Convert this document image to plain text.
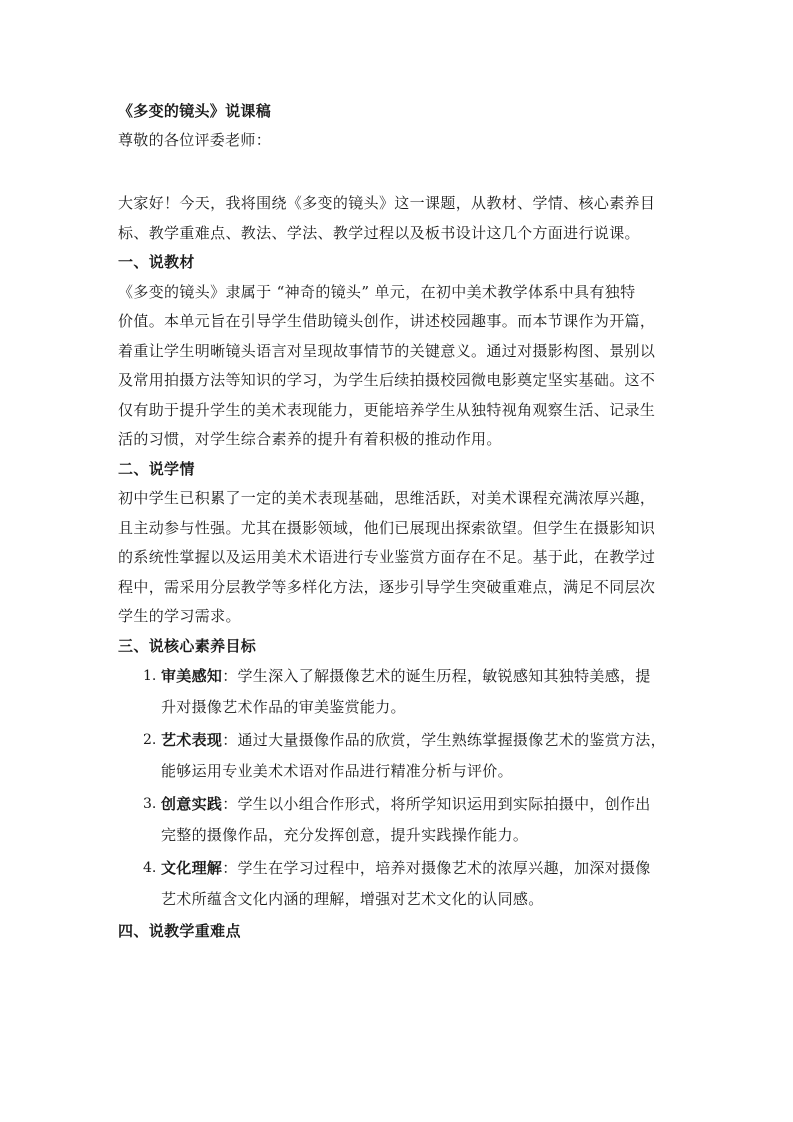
《多变的镜头》说课稿
尊敬的各位评委老师：
大家好！今天，我将围绕《多变的镜头》这一课题，从教材、学情、核心素养目
标、教学重难点、教法、学法、教学过程以及板书设计这几个方面进行说课。
一、说教材
《多变的镜头》隶属于 “神奇的镜头” 单元，在初中美术教学体系中具有独特
价值。本单元旨在引导学生借助镜头创作，讲述校园趣事。而本节课作为开篇，
着重让学生明晰镜头语言对呈现故事情节的关键意义。通过对摄影构图、景别以
及常用拍摄方法等知识的学习，为学生后续拍摄校园微电影奠定坚实基础。这不
仅有助于提升学生的美术表现能力，更能培养学生从独特视角观察生活、记录生
活的习惯，对学生综合素养的提升有着积极的推动作用。
二、说学情
初中学生已积累了一定的美术表现基础，思维活跃，对美术课程充满浓厚兴趣，
且主动参与性强。尤其在摄影领域，他们已展现出探索欲望。但学生在摄影知识
的系统性掌握以及运用美术术语进行专业鉴赏方面存在不足。基于此，在教学过
程中，需采用分层教学等多样化方法，逐步引导学生突破重难点，满足不同层次
学生的学习需求。
三、说核心素养目标
1. 审美感知：学生深入了解摄像艺术的诞生历程，敏锐感知其独特美感，提
升对摄像艺术作品的审美鉴赏能力。
2. 艺术表现：通过大量摄像作品的欣赏，学生熟练掌握摄像艺术的鉴赏方法，
能够运用专业美术术语对作品进行精准分析与评价。
3. 创意实践：学生以小组合作形式，将所学知识运用到实际拍摄中，创作出
完整的摄像作品，充分发挥创意，提升实践操作能力。
4. 文化理解：学生在学习过程中，培养对摄像艺术的浓厚兴趣，加深对摄像
艺术所蕴含文化内涵的理解，增强对艺术文化的认同感。
四、说教学重难点
